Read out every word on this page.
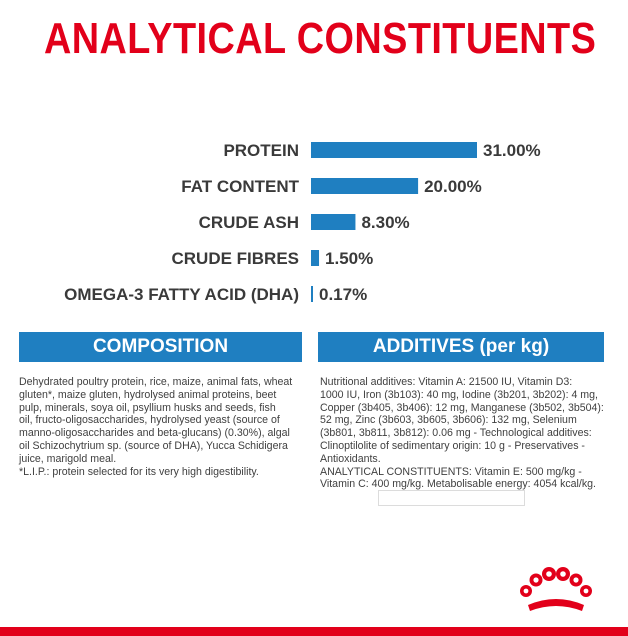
ANALYTICAL CONSTITUENTS
PROTEIN	31.00%
FAT CONTENT	20.00%
CRUDE ASH	8.30%
CRUDE FIBRES 1.50%
OMEGA-3 FATTY ACID (DHA) 0.17%
COMPOSITION	ADDITIVES (per kg)
Dehydrated poultry protein, rice, maize, animal fats, wheat
gluten*, maize gluten, hydrolysed animal proteins, beet
pulp, minerals, soya oil, psyllium husks and seeds, fish
oil, fructo-oligosaccharides, hydrolysed yeast (source of
manno-oligosaccharides and beta-glucans) (0.30%), algal
oil Schizochytrium sp. (source of DHA), Yucca Schidigera
juice, marigold meal.
*L.I.P.: protein selected for its very high digestibility.
Nutritional additives: Vitamin A: 21500 IU, Vitamin D3:
1000 IU, Iron (3b103): 40 mg, Iodine (3b201, 3b202): 4 mg,
Copper (3b405, 3b406): 12 mg, Manganese (3b502, 3b504):
52 mg, Zinc (3b603, 3b605, 3b606): 132 mg, Selenium
(3b801, 3b811, 3b812): 0.06 mg - Technological additives:
Clinoptilolite of sedimentary origin: 10 g - Preservatives -
Antioxidants.
ANALYTICAL CONSTITUENTS: Vitamin E: 500 mg/kg -
Vitamin C: 400 mg/kg. Metabolisable energy: 4054 kcal/kg.
